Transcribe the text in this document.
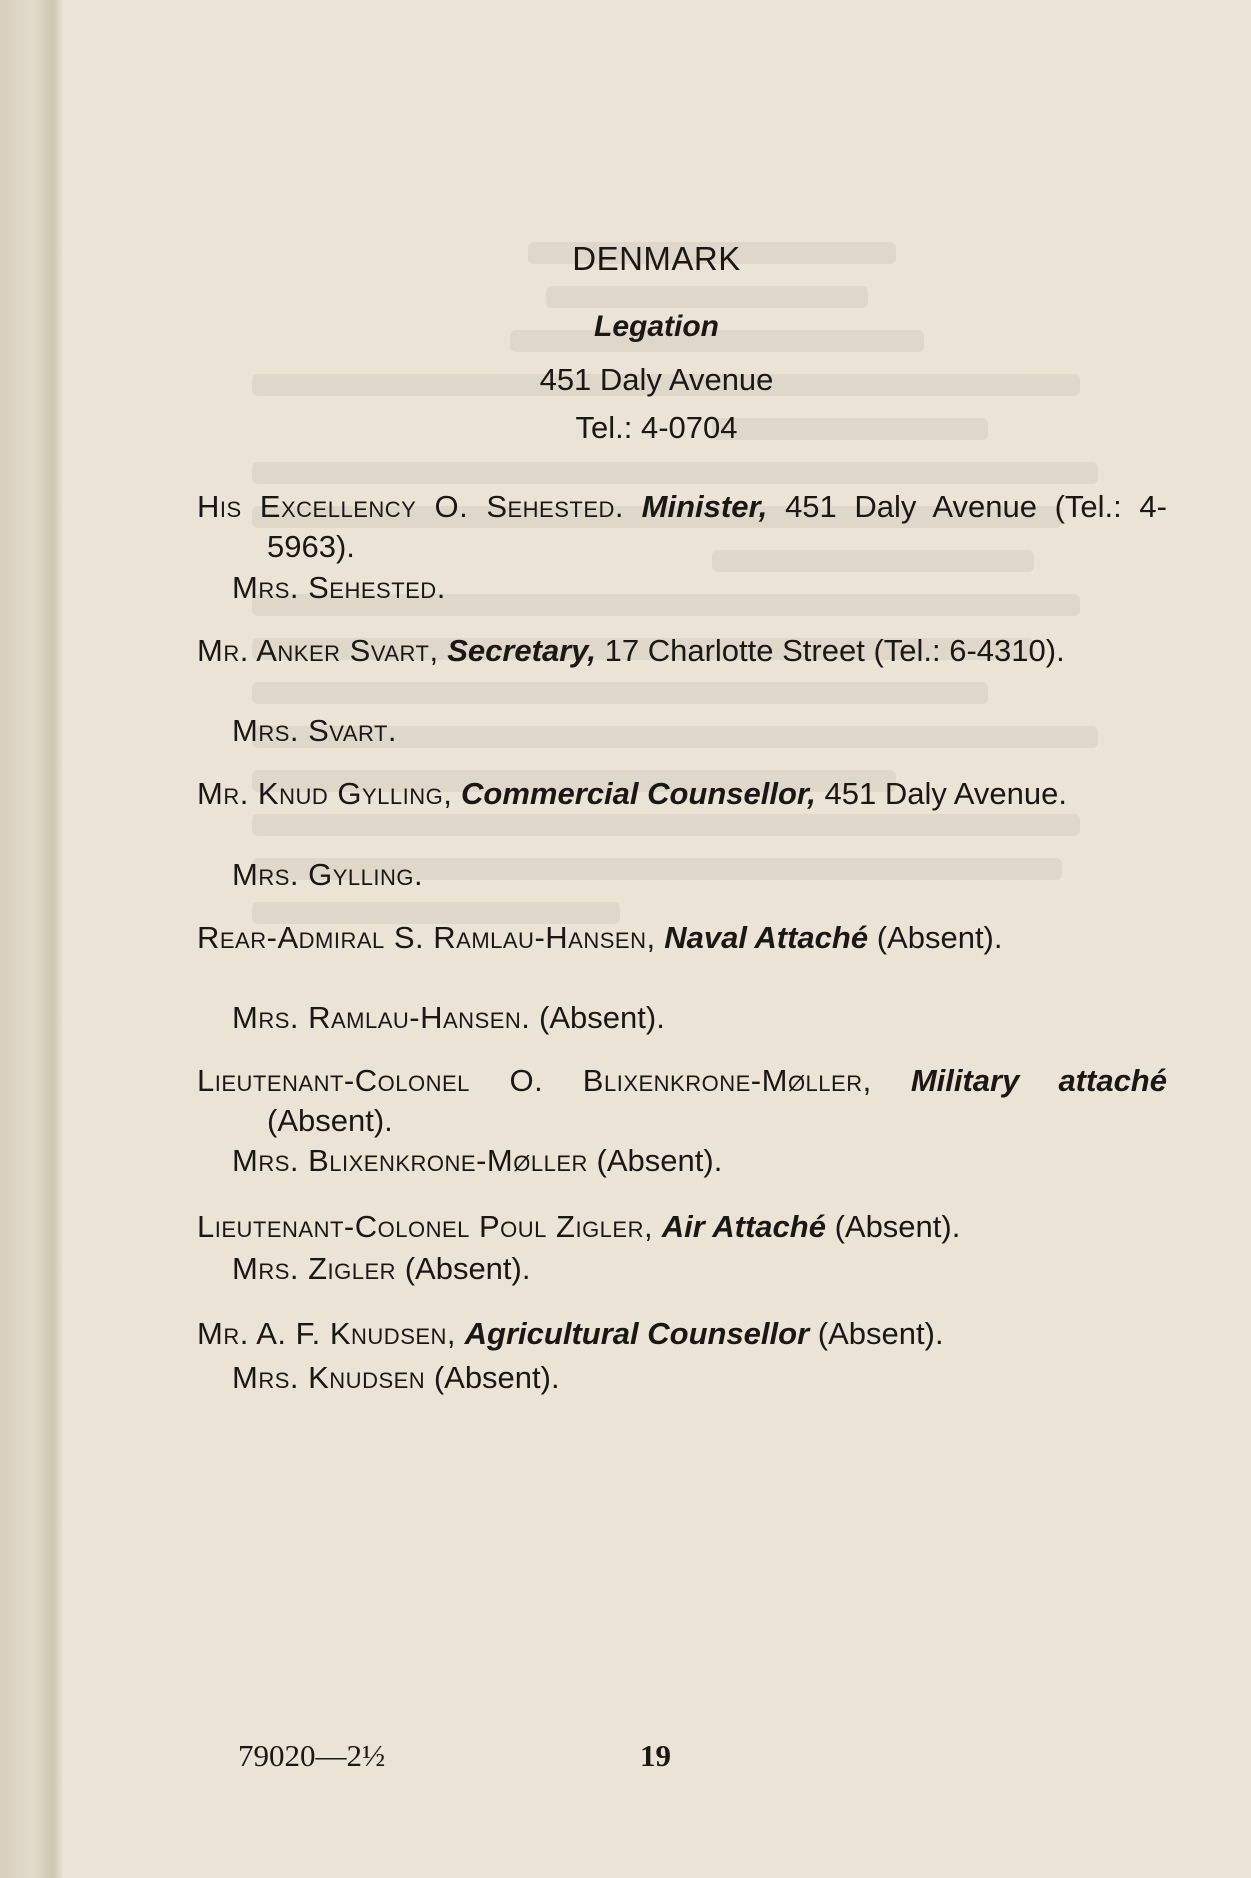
DENMARK
Legation
451 Daly Avenue
Tel.: 4-0704
His Excellency O. Sehested. Minister, 451 Daly Avenue (Tel.: 4-5963).
Mrs. Sehested.
Mr. Anker Svart, Secretary, 17 Charlotte Street (Tel.: 6-4310).
Mrs. Svart.
Mr. Knud Gylling, Commercial Counsellor, 451 Daly Avenue.
Mrs. Gylling.
Rear-Admiral S. Ramlau-Hansen, Naval Attaché (Absent).
Mrs. Ramlau-Hansen. (Absent).
Lieutenant-Colonel O. Blixenkrone-Møller, Military attaché (Absent).
Mrs. Blixenkrone-Møller (Absent).
Lieutenant-Colonel Poul Zigler, Air Attaché (Absent).
Mrs. Zigler (Absent).
Mr. A. F. Knudsen, Agricultural Counsellor (Absent).
Mrs. Knudsen (Absent).
79020—2½	19
